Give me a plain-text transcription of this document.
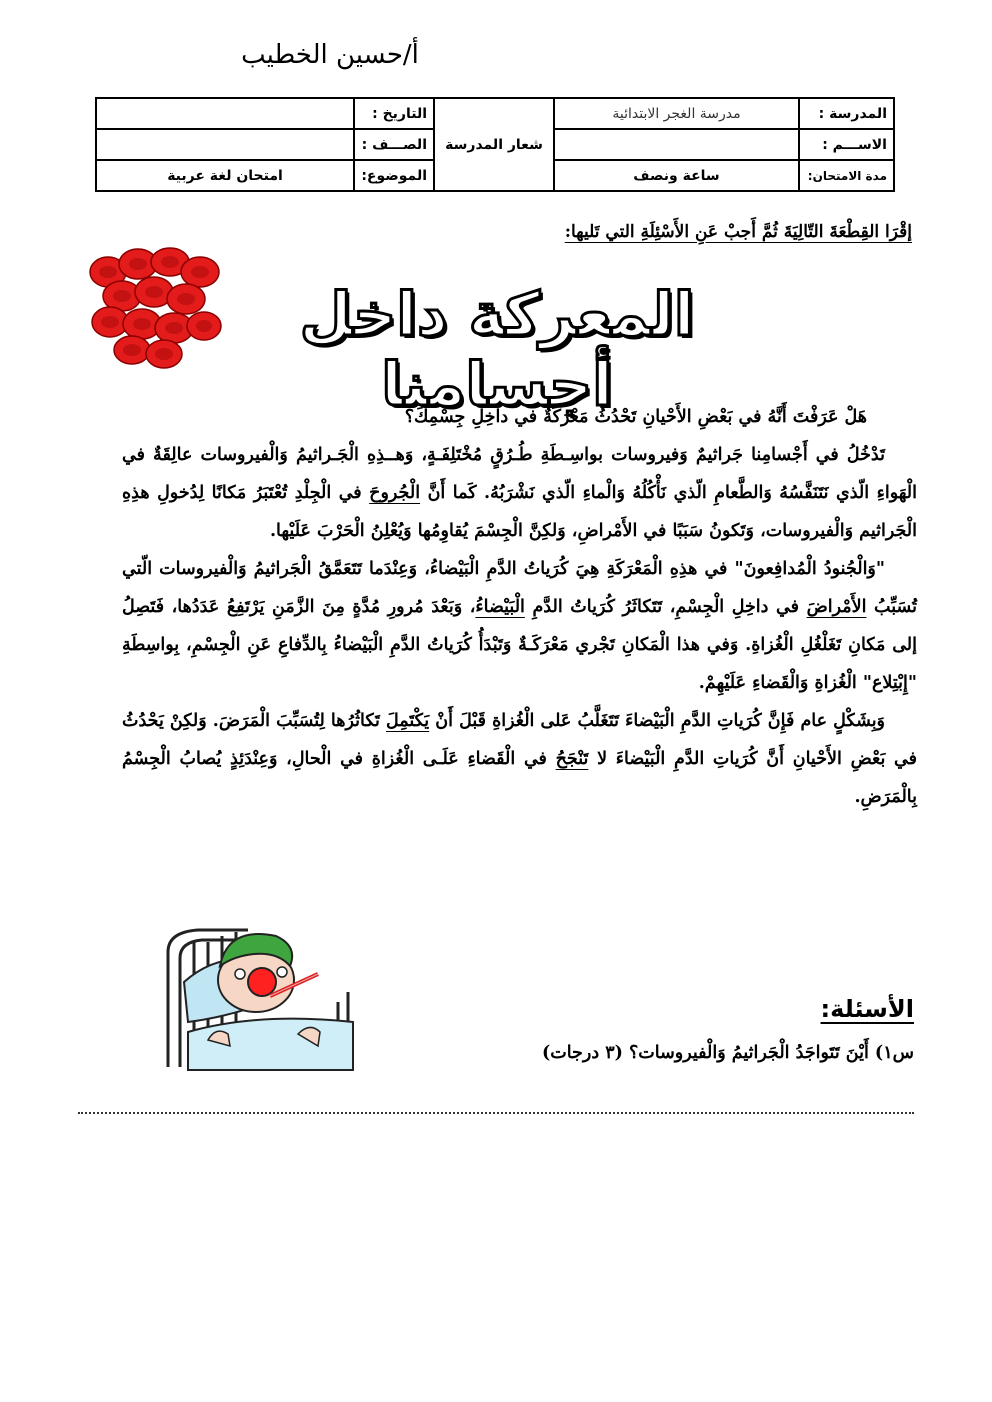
أ/حسين الخطيب
المدرسة :	مدرسة الغجر الابتدائية	شعار المدرسة	التاريخ :	
الاســـم :			الصـــف :	
مدة الامتحان:	ساعة ونصف		الموضوع:	امتحان لغة عربية
إقْرَا القِطْعَةَ التّالِيَةَ ثُمَّ أَجبْ عَنِ الأَسْئِلَةِ التي تَليها:
المعركة داخل أجسامنا

هَلْ عَرَفْتَ أَنَّهُ في بَعْضِ الأَحْيانِ تَحْدُثُ مَعْرَكَةٌ في داخِلِ جِسْمِكَ؟

تَدْخُلُ في أَجْسامِنا جَراثيمٌ وَفيروسات بواسِـطَةِ طُـرُقٍ مُخْتَلِفَـةٍ، وَهــذِهِ الْجَـراثيمُ وَالْفيروسات عالِقَةٌ في الْهَواءِ الّذي نَتَنَفَّسُهُ وَالطَّعامِ الّذي نَأْكُلُهُ وَالْماءِ الّذي نَشْرَبُهُ. كَما أَنَّ الْجُروحَ في الْجِلْدِ تُعْتَبَرُ مَكانًا لِدُخولِ هذِهِ الْجَراثيم وَالْفيروسات، وَتَكونُ سَبَبًا في الأَمْراضِ، وَلكِنَّ الْجِسْمَ يُقاوِمُها وَيُعْلِنُ الْحَرْبَ عَلَيْها.

"وَالْجُنودُ الْمُدافِعونَ" في هذِهِ الْمَعْرَكَةِ هِيَ كُرَياتُ الدَّمِ الْبَيْضاءُ، وَعِنْدَما تَتَعَمَّقُ الْجَراثيمُ وَالْفيروسات الّتي تُسَبِّبُ الأَمْراضَ في داخِلِ الْجِسْمِ، تَتَكاثَرُ كُرَياتُ الدَّمِ الْبَيْضاءُ، وَبَعْدَ مُرورِ مُدَّةٍ مِنَ الزَّمَنِ يَرْتَفِعُ عَدَدُها، فَتَصِلُ إلى مَكانِ تَغَلْغُلِ الْغُزاةِ. وَفي هذا الْمَكانِ تَجْري مَعْرَكَـةٌ وَتَبْدَأُ كُرَياتُ الدَّمِ الْبَيْضاءُ بِالدِّفاعِ عَنِ الْجِسْمِ، بِواسِطَةِ "إِبْتِلاع" الْغُزاةِ وَالْقَضاءِ عَلَيْهِمْ.

وَبِشَكْلٍ عام فَإِنَّ كُرَياتِ الدَّمِ الْبَيْضاءَ تَتَغَلَّبُ عَلى الْغُزاةِ قَبْلَ أَنْ يَكْتَمِلَ تَكاثُرُها لِتُسَبِّبَ الْمَرَضَ. وَلكِنْ يَحْدُثُ في بَعْضِ الأَحْيانِ أَنَّ كُرَياتِ الدَّمِ الْبَيْضاءَ لا تَنْجَحُ في الْقَضاءِ عَلَـى الْغُزاةِ في الْحالِ، وَعِنْدَئِذٍ يُصابُ الْجِسْمُ بِالْمَرَضِ.

الأسئلة:
س١) أَيْنَ تَتَواجَدُ الْجَراثيمُ وَالْفيروسات؟ (٣ درجات)
